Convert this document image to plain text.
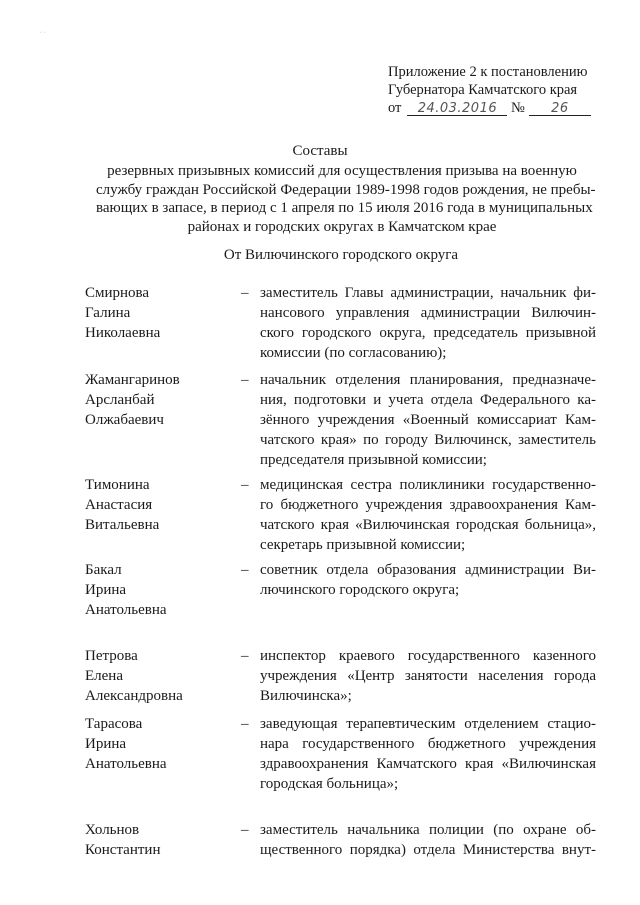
· ·
Приложение 2 к постановлению
Губернатора Камчатского края
от 24.03.2016 № 26
Составы
резервных призывных комиссий для осуществления призыва на военную
службу граждан Российской Федерации 1989-1998 годов рождения, не пребы-
вающих в запасе, в период с 1 апреля по 15 июля 2016 года в муниципальных
районах и городских округах в Камчатском крае
От Вилючинского городского округа
Смирнова
Галина
Николаевна
– заместитель Главы администрации, начальник фи-
нансового управления администрации Вилючин-
ского городского округа, председатель призывной
комиссии (по согласованию);
Жамангаринов
Арсланбай
Олжабаевич
– начальник отделения планирования, предназначе-
ния, подготовки и учета отдела Федерального ка-
зённого учреждения «Военный комиссариат Кам-
чатского края» по городу Вилючинск, заместитель
председателя призывной комиссии;
Тимонина
Анастасия
Витальевна
– медицинская сестра поликлиники государственно-
го бюджетного учреждения здравоохранения Кам-
чатского края «Вилючинская городская больница»,
секретарь призывной комиссии;
Бакал
Ирина
Анатольевна
– советник отдела образования администрации Ви-
лючинского городского округа;
Петрова
Елена
Александровна
– инспектор краевого государственного казенного
учреждения «Центр занятости населения города
Вилючинска»;
Тарасова
Ирина
Анатольевна
– заведующая терапевтическим отделением стацио-
нара государственного бюджетного учреждения
здравоохранения Камчатского края «Вилючинская
городская больница»;
Хольнов
Константин
– заместитель начальника полиции (по охране об-
щественного порядка) отдела Министерства внут-
